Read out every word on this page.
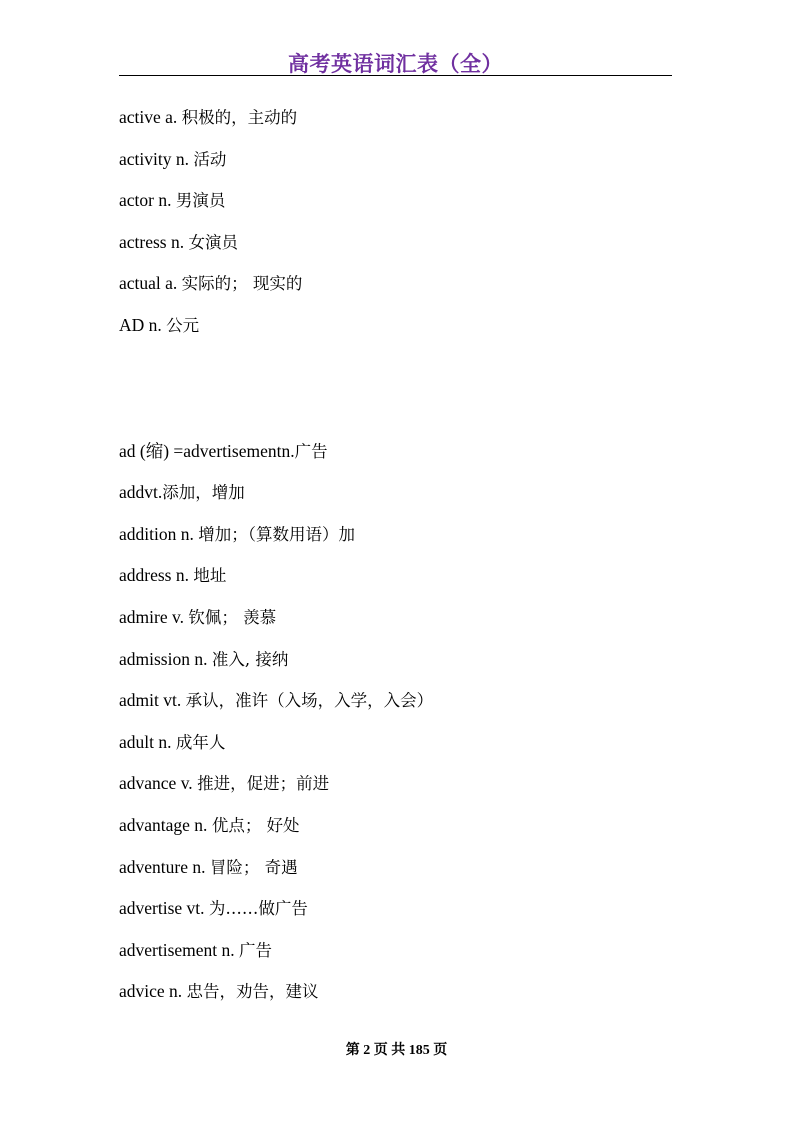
高考英语词汇表（全）
active a. 积极的，主动的
activity n. 活动
actor n. 男演员
actress n. 女演员
actual a. 实际的； 现实的
AD n. 公元
ad (缩) =advertisementn.广告
addvt.添加，增加
addition n. 增加；（算数用语）加
address n. 地址
admire v. 钦佩； 羡慕
admission n. 准入, 接纳
admit vt. 承认，准许（入场，入学，入会）
adult n. 成年人
advance v. 推进，促进；前进
advantage n. 优点； 好处
adventure n. 冒险； 奇遇
advertise vt. 为……做广告
advertisement n. 广告
advice n. 忠告，劝告，建议
第 2 页 共 185 页
